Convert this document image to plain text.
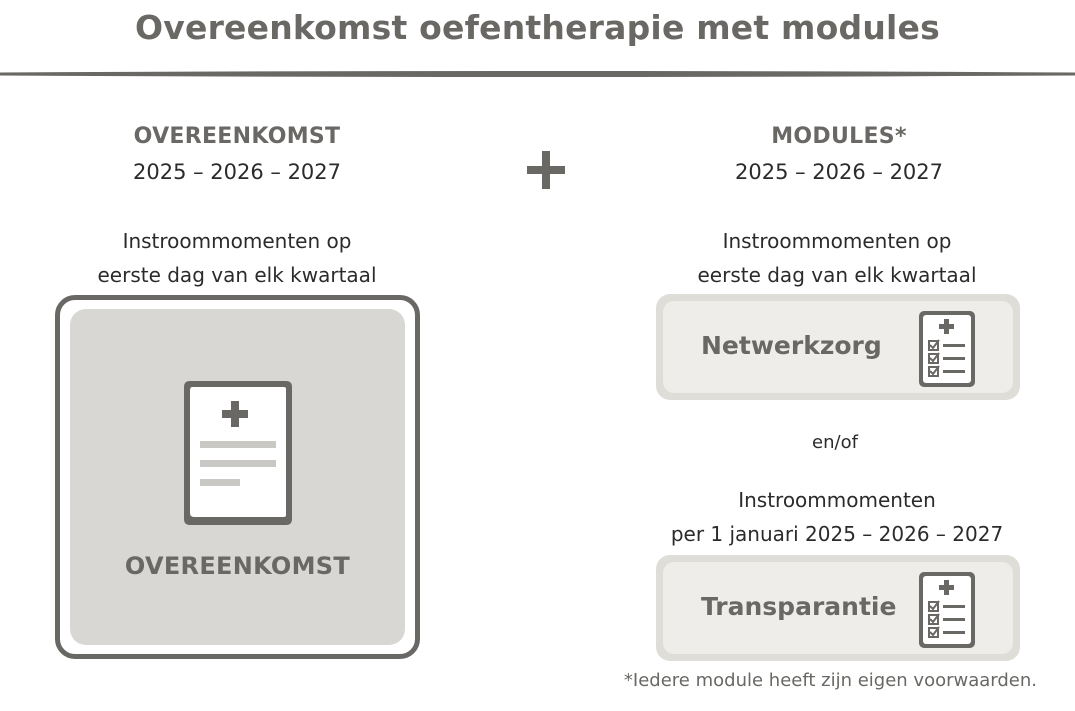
Overeenkomst oefentherapie met modules
OVEREENKOMST
2025 – 2026 – 2027
MODULES*
2025 – 2026 – 2027
Instroommomenten op
eerste dag van elk kwartaal
Instroommomenten op
eerste dag van elk kwartaal
OVEREENKOMST
Netwerkzorg
en/of
Instroommomenten
per 1 januari 2025 – 2026 – 2027
Transparantie
*Iedere module heeft zijn eigen voorwaarden.
